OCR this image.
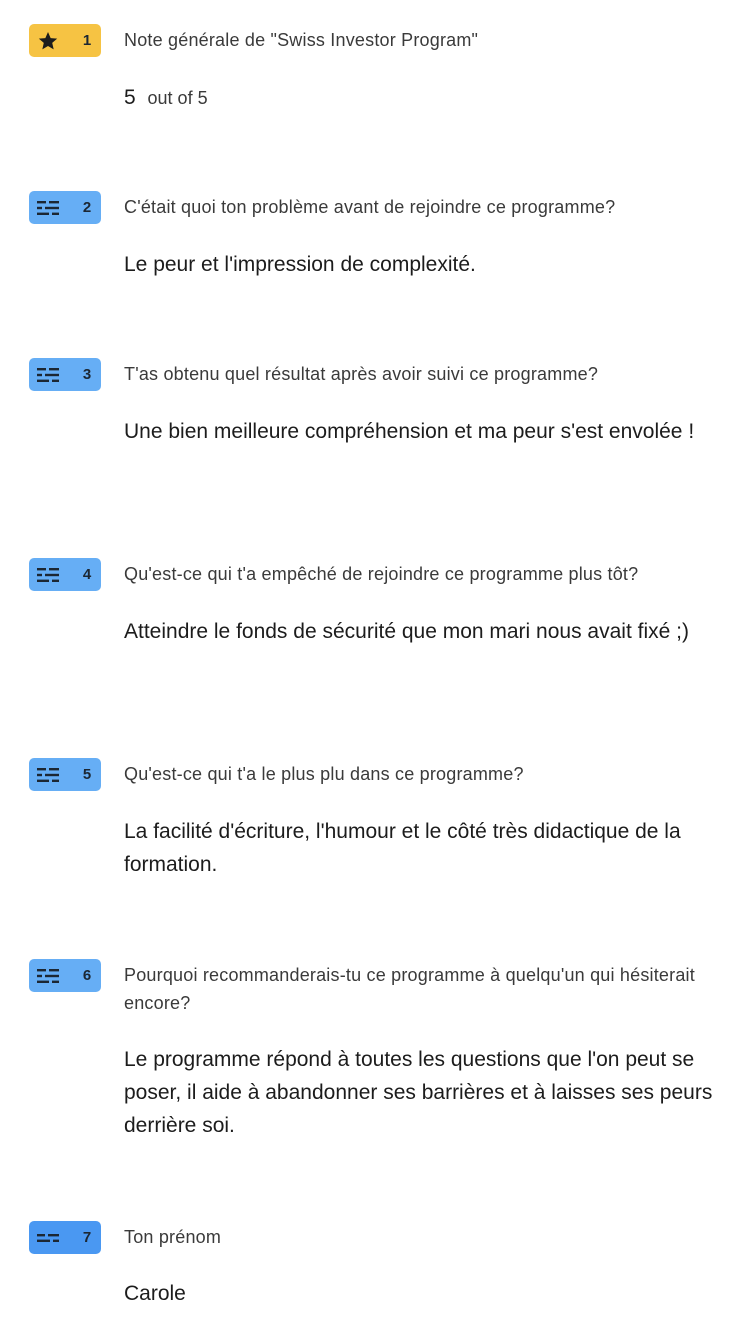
1 Note générale de "Swiss Investor Program"
5 out of 5
2 C'était quoi ton problème avant de rejoindre ce programme?
Le peur et l'impression de complexité.
3 T'as obtenu quel résultat après avoir suivi ce programme?
Une bien meilleure compréhension et ma peur s'est envolée !
4 Qu'est-ce qui t'a empêché de rejoindre ce programme plus tôt?
Atteindre le fonds de sécurité que mon mari nous avait fixé ;)
5 Qu'est-ce qui t'a le plus plu dans ce programme?
La facilité d'écriture, l'humour et le côté très didactique de la formation.
6 Pourquoi recommanderais-tu ce programme à quelqu'un qui hésiterait encore?
Le programme répond à toutes les questions que l'on peut se poser, il aide à abandonner ses barrières et à laisses ses peurs derrière soi.
7 Ton prénom
Carole
